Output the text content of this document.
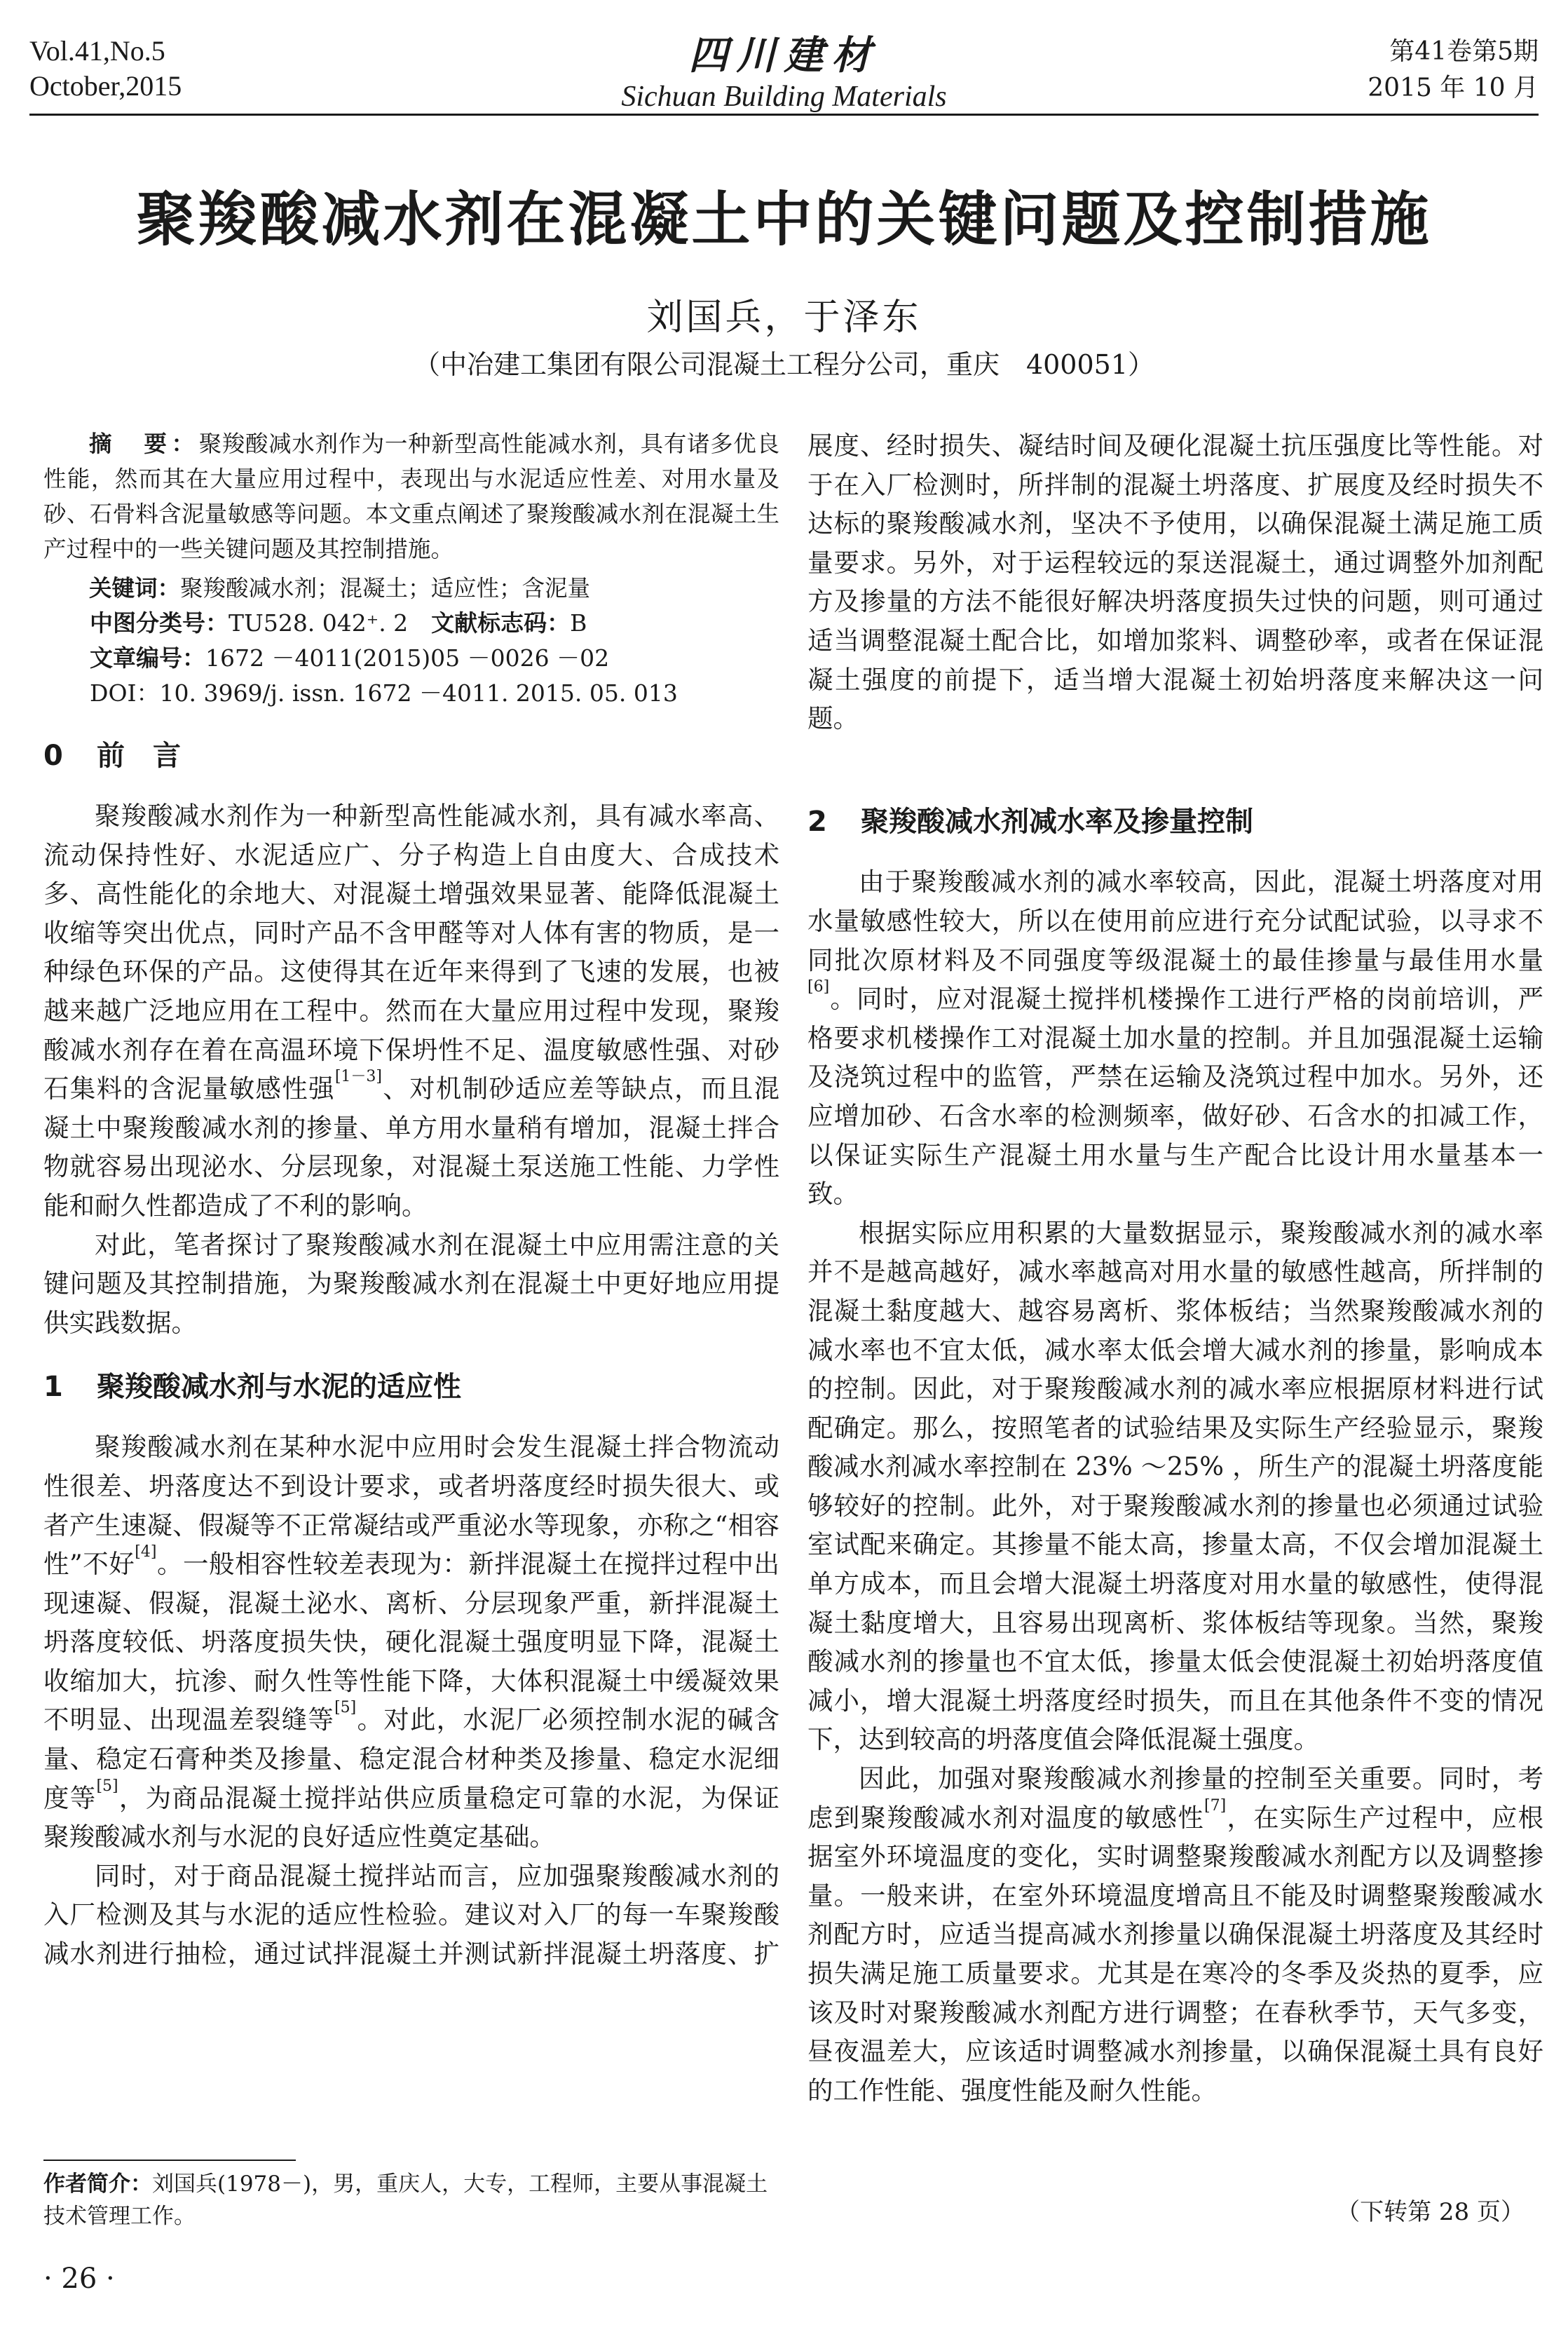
Vol.41,No.5
October,2015
四川建材
Sichuan Building Materials
第41卷第5期
2015 年 10 月
聚羧酸减水剂在混凝土中的关键问题及控制措施
刘国兵，于泽东
（中冶建工集团有限公司混凝土工程分公司，重庆　400051）
摘　要：聚羧酸减水剂作为一种新型高性能减水剂，具有诸多优良性能，然而其在大量应用过程中，表现出与水泥适应性差、对用水量及砂、石骨料含泥量敏感等问题。本文重点阐述了聚羧酸减水剂在混凝土生产过程中的一些关键问题及其控制措施。
关键词：聚羧酸减水剂；混凝土；适应性；含泥量
中图分类号：TU528. 042⁺. 2　 文献标志码：B
文章编号：1672 －4011(2015)05 －0026 －02
DOI：10. 3969/j. issn. 1672 －4011. 2015. 05. 013
0 前　言

聚羧酸减水剂作为一种新型高性能减水剂，具有减水率高、流动保持性好、水泥适应广、分子构造上自由度大、合成技术多、高性能化的余地大、对混凝土增强效果显著、能降低混凝土收缩等突出优点，同时产品不含甲醛等对人体有害的物质，是一种绿色环保的产品。这使得其在近年来得到了飞速的发展，也被越来越广泛地应用在工程中。然而在大量应用过程中发现，聚羧酸减水剂存在着在高温环境下保坍性不足、温度敏感性强、对砂石集料的含泥量敏感性强[1－3]、对机制砂适应差等缺点，而且混凝土中聚羧酸减水剂的掺量、单方用水量稍有增加，混凝土拌合物就容易出现泌水、分层现象，对混凝土泵送施工性能、力学性能和耐久性都造成了不利的影响。

对此，笔者探讨了聚羧酸减水剂在混凝土中应用需注意的关键问题及其控制措施，为聚羧酸减水剂在混凝土中更好地应用提供实践数据。

1 聚羧酸减水剂与水泥的适应性

聚羧酸减水剂在某种水泥中应用时会发生混凝土拌合物流动性很差、坍落度达不到设计要求，或者坍落度经时损失很大、或者产生速凝、假凝等不正常凝结或严重泌水等现象，亦称之“相容性”不好[4]。一般相容性较差表现为：新拌混凝土在搅拌过程中出现速凝、假凝，混凝土泌水、离析、分层现象严重，新拌混凝土坍落度较低、坍落度损失快，硬化混凝土强度明显下降，混凝土收缩加大，抗渗、耐久性等性能下降，大体积混凝土中缓凝效果不明显、出现温差裂缝等[5]。对此，水泥厂必须控制水泥的碱含量、稳定石膏种类及掺量、稳定混合材种类及掺量、稳定水泥细度等[5]，为商品混凝土搅拌站供应质量稳定可靠的水泥，为保证聚羧酸减水剂与水泥的良好适应性奠定基础。

同时，对于商品混凝土搅拌站而言，应加强聚羧酸减水剂的入厂检测及其与水泥的适应性检验。建议对入厂的每一车聚羧酸减水剂进行抽检，通过试拌混凝土并测试新拌混凝土坍落度、扩

展度、经时损失、凝结时间及硬化混凝土抗压强度比等性能。对于在入厂检测时，所拌制的混凝土坍落度、扩展度及经时损失不达标的聚羧酸减水剂，坚决不予使用，以确保混凝土满足施工质量要求。另外，对于运程较远的泵送混凝土，通过调整外加剂配方及掺量的方法不能很好解决坍落度损失过快的问题，则可通过适当调整混凝土配合比，如增加浆料、调整砂率，或者在保证混凝土强度的前提下，适当增大混凝土初始坍落度来解决这一问题。

2 聚羧酸减水剂减水率及掺量控制

由于聚羧酸减水剂的减水率较高，因此，混凝土坍落度对用水量敏感性较大，所以在使用前应进行充分试配试验，以寻求不同批次原材料及不同强度等级混凝土的最佳掺量与最佳用水量[6]。同时，应对混凝土搅拌机楼操作工进行严格的岗前培训，严格要求机楼操作工对混凝土加水量的控制。并且加强混凝土运输及浇筑过程中的监管，严禁在运输及浇筑过程中加水。另外，还应增加砂、石含水率的检测频率，做好砂、石含水的扣减工作，以保证实际生产混凝土用水量与生产配合比设计用水量基本一致。

根据实际应用积累的大量数据显示，聚羧酸减水剂的减水率并不是越高越好，减水率越高对用水量的敏感性越高，所拌制的混凝土黏度越大、越容易离析、浆体板结；当然聚羧酸减水剂的减水率也不宜太低，减水率太低会增大减水剂的掺量，影响成本的控制。因此，对于聚羧酸减水剂的减水率应根据原材料进行试配确定。那么，按照笔者的试验结果及实际生产经验显示，聚羧酸减水剂减水率控制在 23% ～25% ，所生产的混凝土坍落度能够较好的控制。此外，对于聚羧酸减水剂的掺量也必须通过试验室试配来确定。其掺量不能太高，掺量太高，不仅会增加混凝土单方成本，而且会增大混凝土坍落度对用水量的敏感性，使得混凝土黏度增大，且容易出现离析、浆体板结等现象。当然，聚羧酸减水剂的掺量也不宜太低，掺量太低会使混凝土初始坍落度值减小，增大混凝土坍落度经时损失，而且在其他条件不变的情况下，达到较高的坍落度值会降低混凝土强度。

因此，加强对聚羧酸减水剂掺量的控制至关重要。同时，考虑到聚羧酸减水剂对温度的敏感性[7]，在实际生产过程中，应根据室外环境温度的变化，实时调整聚羧酸减水剂配方以及调整掺量。一般来讲，在室外环境温度增高且不能及时调整聚羧酸减水剂配方时，应适当提高减水剂掺量以确保混凝土坍落度及其经时损失满足施工质量要求。尤其是在寒冷的冬季及炎热的夏季，应该及时对聚羧酸减水剂配方进行调整；在春秋季节，天气多变，昼夜温差大，应该适时调整减水剂掺量，以确保混凝土具有良好的工作性能、强度性能及耐久性能。

作者简介：刘国兵(1978－)，男，重庆人，大专，工程师，主要从事混凝土技术管理工作。
· 26 ·
（下转第 28 页）
